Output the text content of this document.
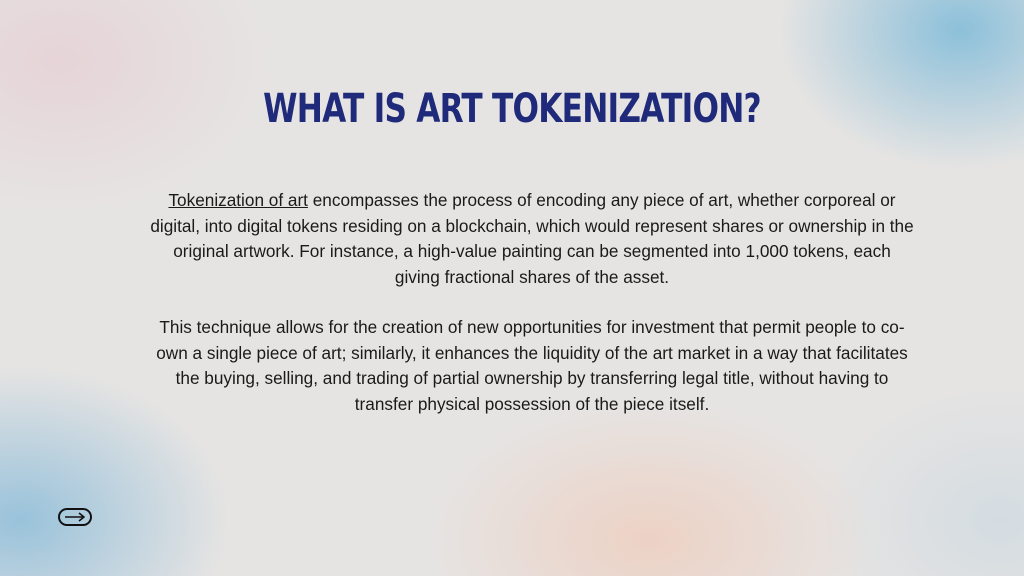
WHAT IS ART TOKENIZATION?

Tokenization of art encompasses the process of encoding any piece of art, whether corporeal or digital, into digital tokens residing on a blockchain, which would represent shares or ownership in the original artwork. For instance, a high-value painting can be segmented into 1,000 tokens, each giving fractional shares of the asset.

This technique allows for the creation of new opportunities for investment that permit people to co-own a single piece of art; similarly, it enhances the liquidity of the art market in a way that facilitates the buying, selling, and trading of partial ownership by transferring legal title, without having to transfer physical possession of the piece itself.
